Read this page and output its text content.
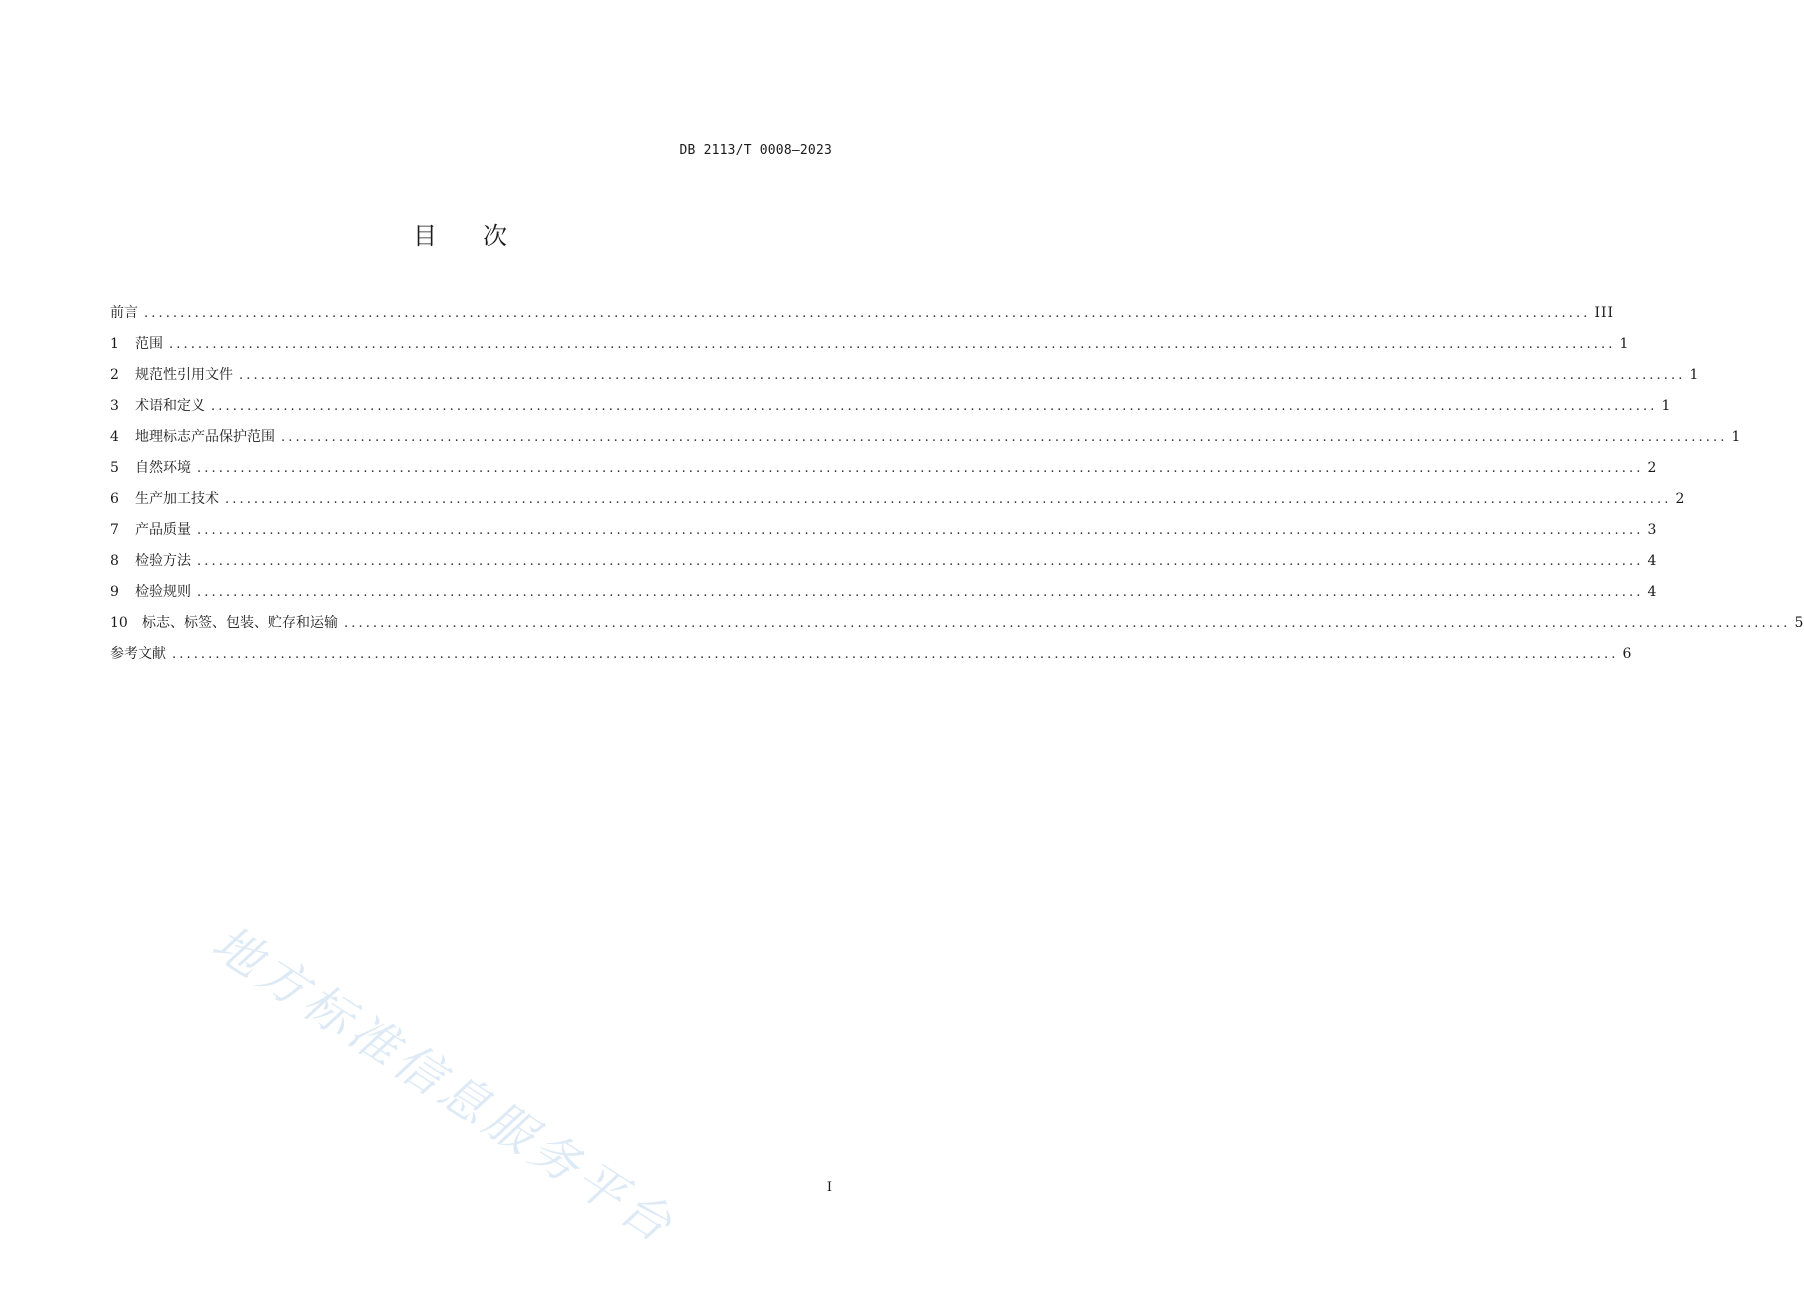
DB 2113/T 0008—2023
目次
前言 ........................................................................................................................................................................................................ III
1	范围 ........................................................................................................................................................................................................ 1
2	规范性引用文件 ........................................................................................................................................................................................................ 1
3	术语和定义 ........................................................................................................................................................................................................ 1
4	地理标志产品保护范围 ........................................................................................................................................................................................................ 1
5	自然环境 ........................................................................................................................................................................................................ 2
6	生产加工技术 ........................................................................................................................................................................................................ 2
7	产品质量 ........................................................................................................................................................................................................ 3
8	检验方法 ........................................................................................................................................................................................................ 4
9	检验规则 ........................................................................................................................................................................................................ 4
10	标志、标签、包装、贮存和运输 ........................................................................................................................................................................................................ 5
参考文献 ........................................................................................................................................................................................................ 6
地方标准信息服务平台	I
